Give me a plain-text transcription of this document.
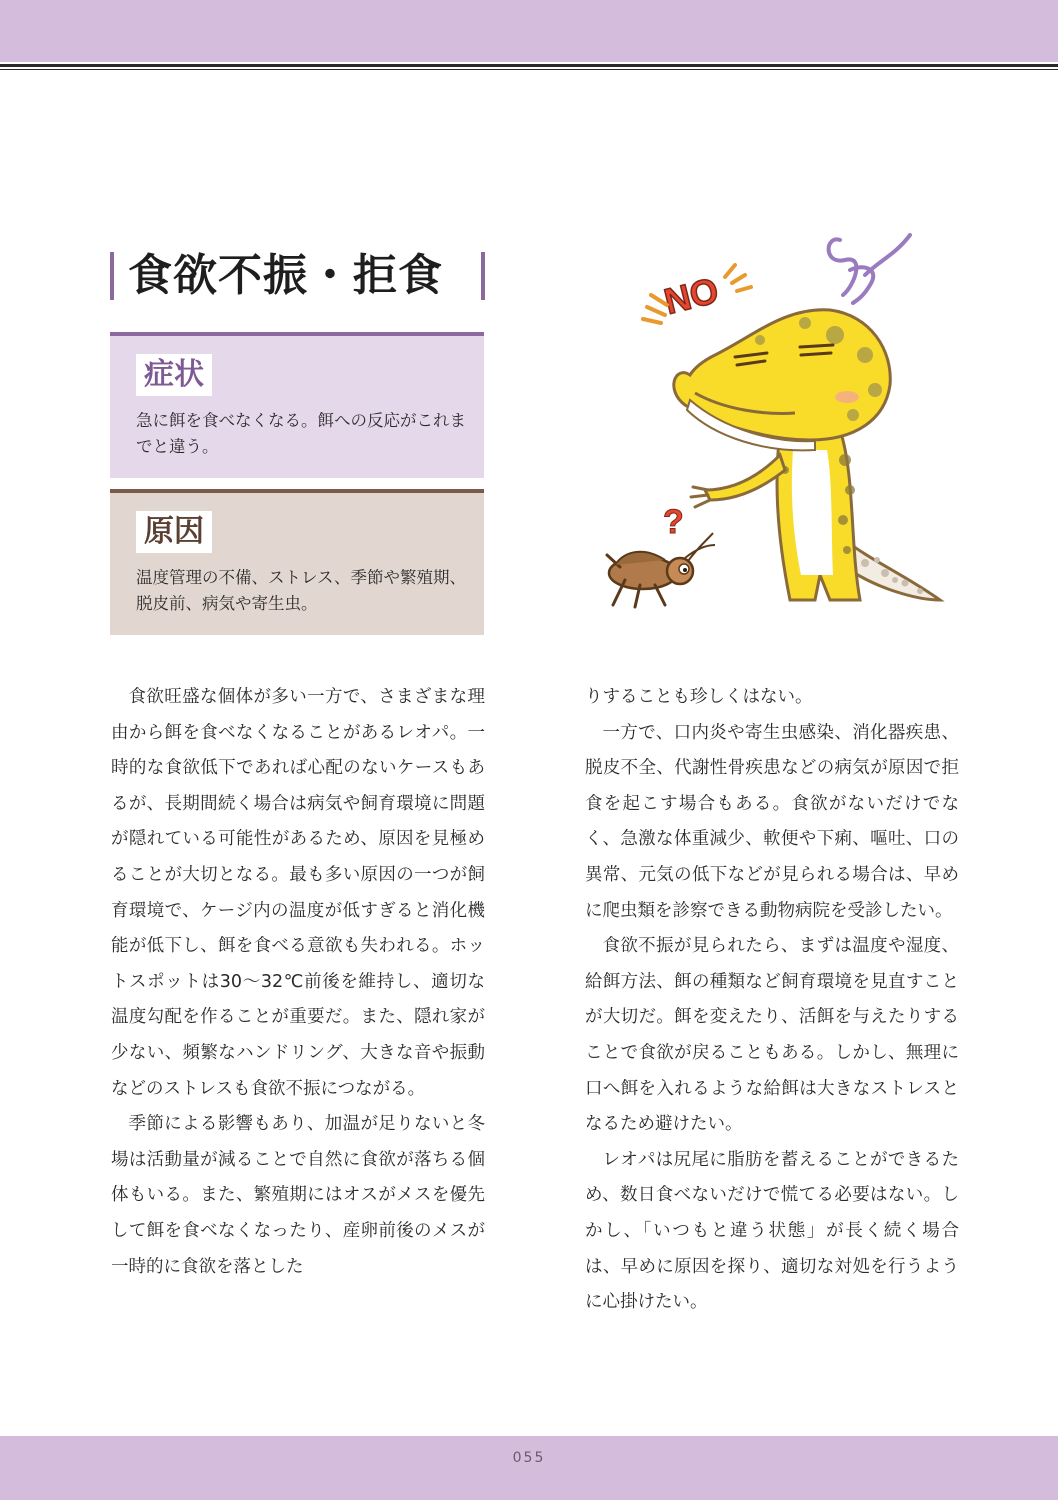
食欲不振・拒食
症状
急に餌を食べなくなる。餌への反応がこれまでと違う。
原因
温度管理の不備、ストレス、季節や繁殖期、脱皮前、病気や寄生虫。
NO
?

食欲旺盛な個体が多い一方で、さまざまな理由から餌を食べなくなることがあるレオパ。一時的な食欲低下であれば心配のないケースもあるが、長期間続く場合は病気や飼育環境に問題が隠れている可能性があるため、原因を見極めることが大切となる。最も多い原因の一つが飼育環境で、ケージ内の温度が低すぎると消化機能が低下し、餌を食べる意欲も失われる。ホットスポットは30〜32℃前後を維持し、適切な温度勾配を作ることが重要だ。また、隠れ家が少ない、頻繁なハンドリング、大きな音や振動などのストレスも食欲不振につながる。

季節による影響もあり、加温が足りないと冬場は活動量が減ることで自然に食欲が落ちる個体もいる。また、繁殖期にはオスがメスを優先して餌を食べなくなったり、産卵前後のメスが一時的に食欲を落とした

りすることも珍しくはない。

一方で、口内炎や寄生虫感染、消化器疾患、脱皮不全、代謝性骨疾患などの病気が原因で拒食を起こす場合もある。食欲がないだけでなく、急激な体重減少、軟便や下痢、嘔吐、口の異常、元気の低下などが見られる場合は、早めに爬虫類を診察できる動物病院を受診したい。

食欲不振が見られたら、まずは温度や湿度、給餌方法、餌の種類など飼育環境を見直すことが大切だ。餌を変えたり、活餌を与えたりすることで食欲が戻ることもある。しかし、無理に口へ餌を入れるような給餌は大きなストレスとなるため避けたい。

レオパは尻尾に脂肪を蓄えることができるため、数日食べないだけで慌てる必要はない。しかし、「いつもと違う状態」が長く続く場合は、早めに原因を探り、適切な対処を行うように心掛けたい。

055
